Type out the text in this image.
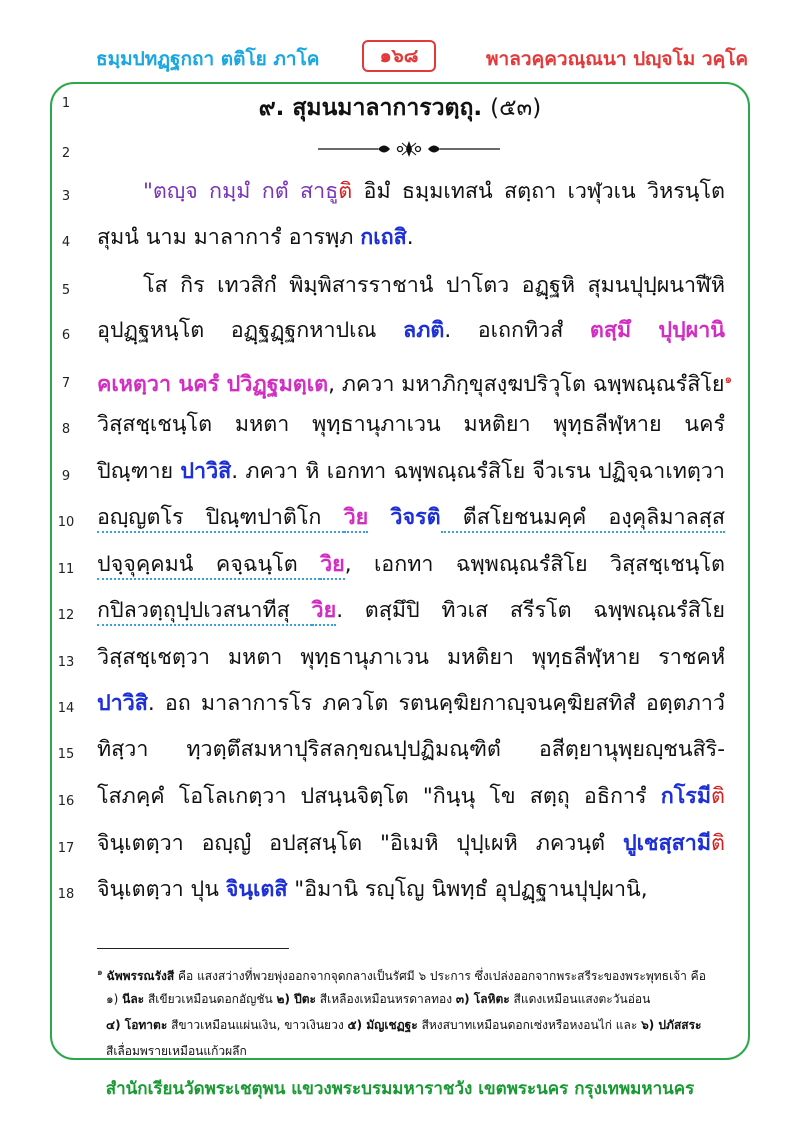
ธมฺมปทฏฺฐกถา ตติโย ภาโค	๑๖๘	พาลวคฺควณฺณนา ปญฺจโม วคฺโค
1
2
3
4
5
6
7
8
9
10
11
12
13
14
15
16
17
18
๙. สุมนมาลาการวตฺถุ. (๕๓)
"ตญฺจ กมฺมํ กตํ สาธูติ อิมํ ธมฺมเทสนํ สตฺถา เวฬุวเน วิหรนฺโต
สุมนํ นาม มาลาการํ อารพฺภ กเถสิ.
โส กิร เทวสิกํ พิมฺพิสารราชานํ ปาโตว อฏฺฐหิ สุมนปุปฺผนาฬีหิ
อุปฏฺฐหนฺโต อฏฺฐฏฺฐกหาปเณ ลภติ. อเถกทิวสํ ตสฺมึ ปุปฺผานิ
คเหตฺวา นครํ ปวิฏฺฐมตฺเต, ภควา มหาภิกฺขุสงฺฆปริวุโต ฉพฺพณฺณรํสิโย$^๑$
วิสฺสชฺเชนฺโต มหตา พุทฺธานุภาเวน มหติยา พุทฺธลีฬฺหาย นครํ
ปิณฺฑาย ปาวิสิ. ภควา หิ เอกทา ฉพฺพณฺณรํสิโย จีวเรน ปฏิจฺฉาเทตฺวา
อญฺญตโร ปิณฺฑปาติโก วิย วิจรติ ตีสโยชนมคฺคํ องฺคุลิมาลสฺส
ปจฺจุคฺคมนํ คจฺฉนฺโต วิย, เอกทา ฉพฺพณฺณรํสิโย วิสฺสชฺเชนฺโต
กปิลวตฺถุปฺปเวสนาทีสุ วิย. ตสฺมึปิ ทิวเส สรีรโต ฉพฺพณฺณรํสิโย
วิสฺสชฺเชตฺวา มหตา พุทฺธานุภาเวน มหติยา พุทฺธลีฬฺหาย ราชคหํ
ปาวิสิ. อถ มาลาการโร ภควโต รตนคฺฆิยกาญฺจนคฺฆิยสทิสํ อตฺตภาวํ
ทิสฺวา ทฺวตฺตึสมหาปุริสลกฺขณปฺปฏิมณฺฑิตํ อสีตฺยานุพฺยญฺชนสิริ-
โสภคฺคํ โอโลเกตฺวา ปสนฺนจิตฺโต "กินฺนุ โข สตฺถุ อธิการํ กโรมีติ
จินฺเตตฺวา อญฺญํ อปสฺสนฺโต "อิเมหิ ปุปฺเผหิ ภควนฺตํ ปูเชสฺสามีติ
จินฺเตตฺวา ปุน จินฺเตสิ "อิมานิ รญฺโญ นิพทฺธํ อุปฏฺฐานปุปฺผานิ,
$^๑$ ฉัพพรรณรังสี คือ แสงสว่างที่พวยพุ่งออกจากจุดกลางเป็นรัศมี ๖ ประการ ซึ่งเปล่งออกจากพระสรีระของพระพุทธเจ้า คือ
๑) นีละ สีเขียวเหมือนดอกอัญชัน ๒) ปีตะ สีเหลืองเหมือนหรดาลทอง ๓) โลหิตะ สีแดงเหมือนแสงตะวันอ่อน
๔) โอทาตะ สีขาวเหมือนแผ่นเงิน, ขาวเงินยวง ๕) มัญเชฏฐะ สีหงสบาทเหมือนดอกเซ่งหรือหงอนไก่ และ ๖) ปภัสสระ
สีเลื่อมพรายเหมือนแก้วผลึก
สำนักเรียนวัดพระเชตุพน แขวงพระบรมมหาราชวัง เขตพระนคร กรุงเทพมหานคร
